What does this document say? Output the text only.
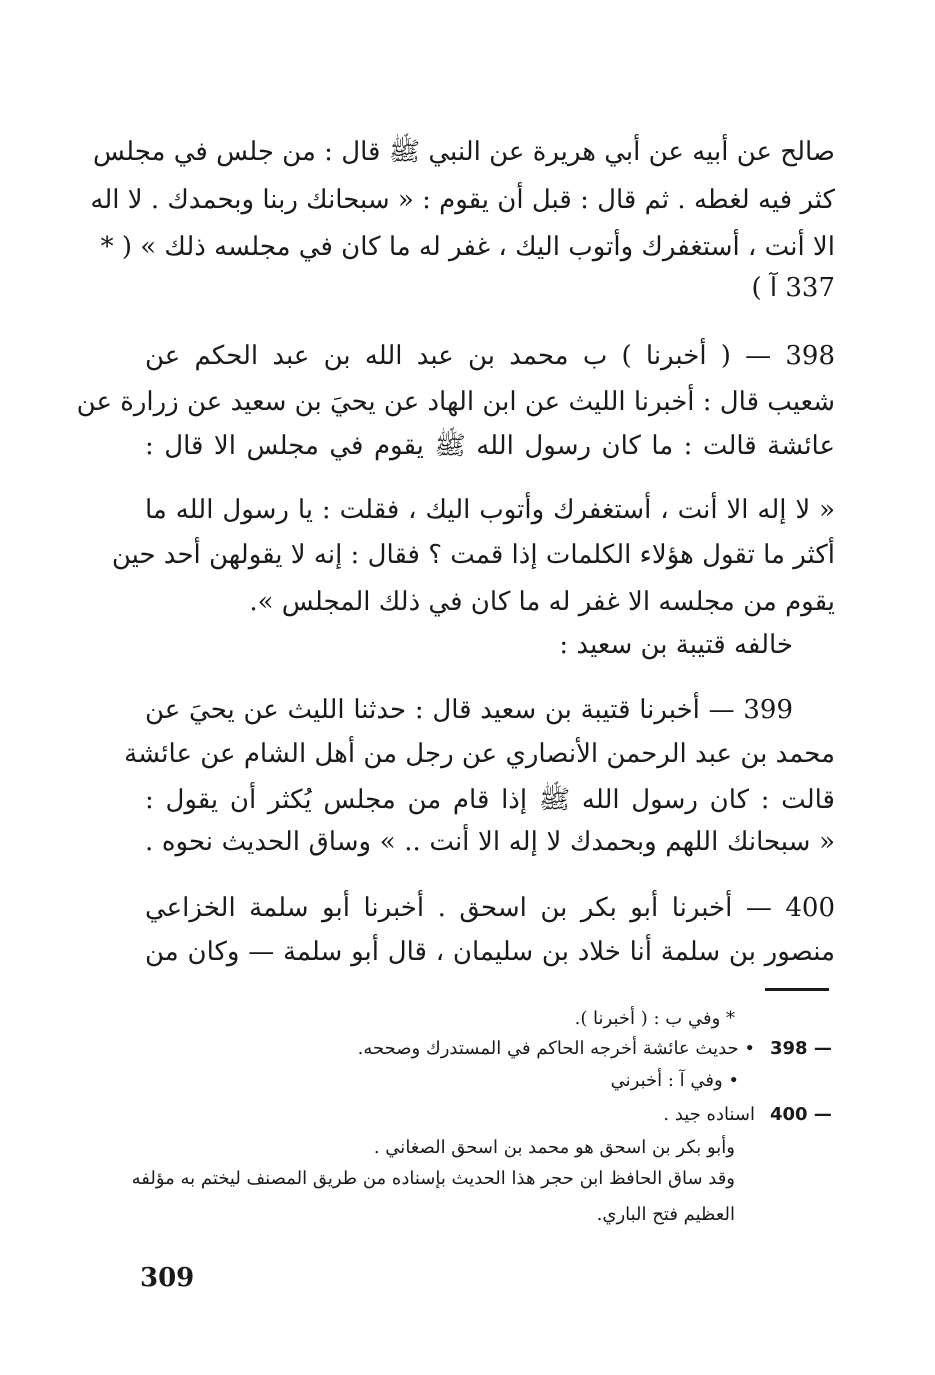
صالح عن أبيه عن أبي هريرة عن النبي ﷺ قال : من جلس في مجلس
كثر فيه لغطه . ثم قال : قبل أن يقوم : « سبحانك ربنا وبحمدك . لا اله
الا أنت ، أستغفرك وأتوب اليك ، غفر له ما كان في مجلسه ذلك » ( *
337 آ )
398 — ( أخبرنا ) ب محمد بن عبد الله بن عبد الحكم عن
شعيب قال : أخبرنا الليث عن ابن الهاد عن يحيَ بن سعيد عن زرارة عن
عائشة قالت : ما كان رسول الله ﷺ يقوم في مجلس الا قال :
« لا إله الا أنت ، أستغفرك وأتوب اليك ، فقلت : يا رسول الله ما
أكثر ما تقول هؤلاء الكلمات إذا قمت ؟ فقال : إنه لا يقولهن أحد حين
يقوم من مجلسه الا غفر له ما كان في ذلك المجلس ».
خالفه قتيبة بن سعيد :
399 — أخبرنا قتيبة بن سعيد قال : حدثنا الليث عن يحيَ عن
محمد بن عبد الرحمن الأنصاري عن رجل من أهل الشام عن عائشة
قالت : كان رسول الله ﷺ إذا قام من مجلس يُكثر أن يقول :
« سبحانك اللهم وبحمدك لا إله الا أنت .. » وساق الحديث نحوه .
400 — أخبرنا أبو بكر بن اسحق . أخبرنا أبو سلمة الخزاعي
منصور بن سلمة أنا خلاد بن سليمان ، قال أبو سلمة — وكان من
* وفي ب : ( أخبرنا ).
398 —
• حديث عائشة أخرجه الحاكم في المستدرك وصححه.
• وفي آ : أخبرني
400 —
اسناده جيد .
وأبو بكر بن اسحق هو محمد بن اسحق الصغاني .
وقد ساق الحافظ ابن حجر هذا الحديث بإسناده من طريق المصنف ليختم به مؤلفه
العظيم فتح الباري.
309
